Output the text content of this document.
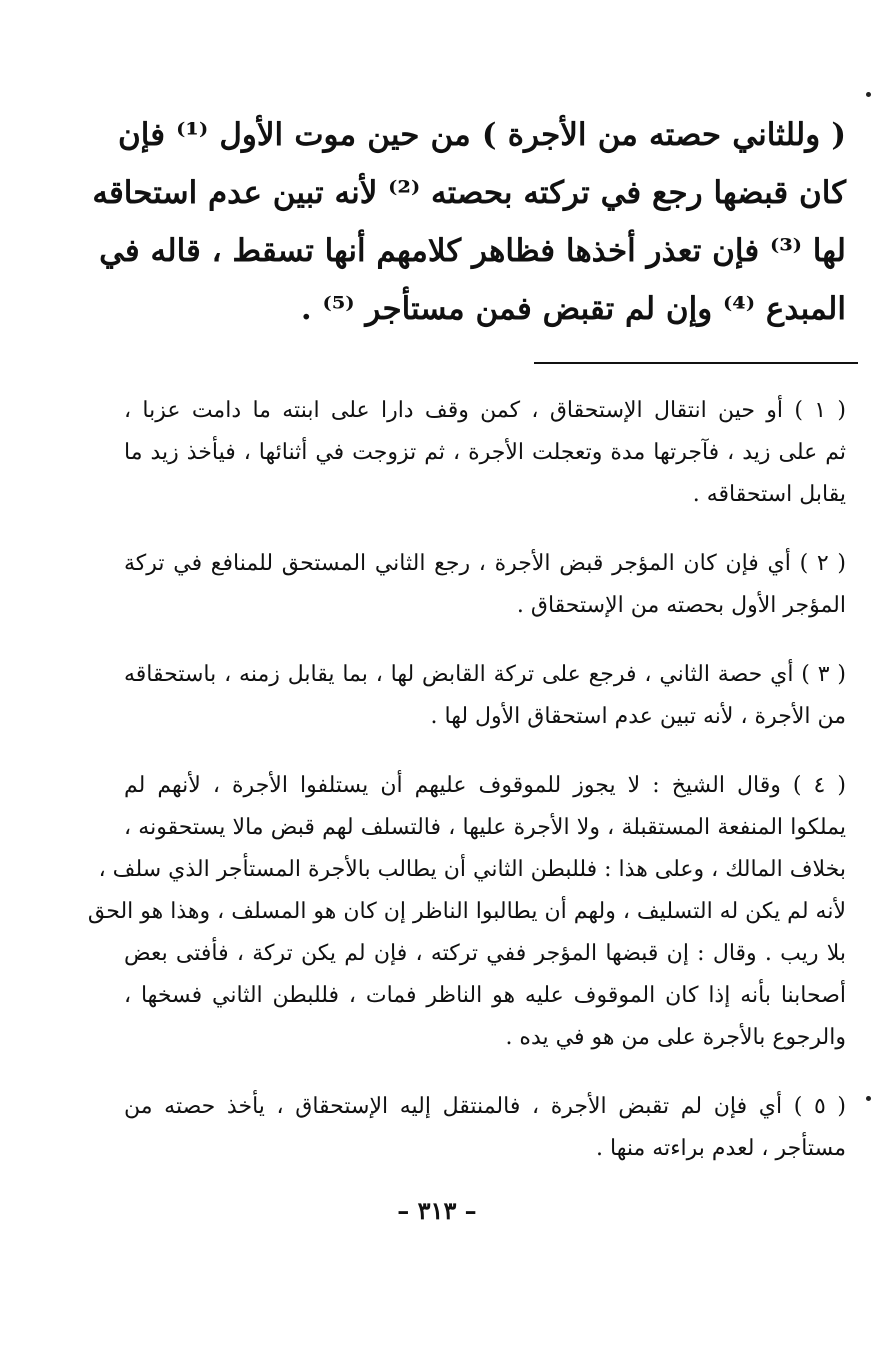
( وللثاني حصته من الأجرة ) من حين موت الأول ⁽¹⁾ فإن
كان قبضها رجع في تركته بحصته ⁽²⁾ لأنه تبين عدم استحاقه
لها ⁽³⁾ فإن تعذر أخذها فظاهر كلامهم أنها تسقط ، قاله في
المبدع ⁽⁴⁾ وإن لم تقبض فمن مستأجر ⁽⁵⁾ .
( ١ ) أو حين انتقال الإستحقاق ، كمن وقف دارا على ابنته ما دامت عزبا ،
ثم على زيد ، فآجرتها مدة وتعجلت الأجرة ، ثم تزوجت في أثنائها ، فيأخذ زيد ما
يقابل استحقاقه .
( ٢ ) أي فإن كان المؤجر قبض الأجرة ، رجع الثاني المستحق للمنافع في تركة
المؤجر الأول بحصته من الإستحقاق .
( ٣ ) أي حصة الثاني ، فرجع على تركة القابض لها ، بما يقابل زمنه ، باستحقاقه
من الأجرة ، لأنه تبين عدم استحقاق الأول لها .
( ٤ ) وقال الشيخ : لا يجوز للموقوف عليهم أن يستلفوا الأجرة ، لأنهم لم
يملكوا المنفعة المستقبلة ، ولا الأجرة عليها ، فالتسلف لهم قبض مالا يستحقونه ،
بخلاف المالك ، وعلى هذا : فللبطن الثاني أن يطالب بالأجرة المستأجر الذي سلف ،
لأنه لم يكن له التسليف ، ولهم أن يطالبوا الناظر إن كان هو المسلف ، وهذا هو الحق
بلا ريب . وقال : إن قبضها المؤجر ففي تركته ، فإن لم يكن تركة ، فأفتى بعض
أصحابنا بأنه إذا كان الموقوف عليه هو الناظر فمات ، فللبطن الثاني فسخها ،
والرجوع بالأجرة على من هو في يده .
( ٥ ) أي فإن لم تقبض الأجرة ، فالمنتقل إليه الإستحقاق ، يأخذ حصته من
مستأجر ، لعدم براءته منها .
– ٣١٣ –
